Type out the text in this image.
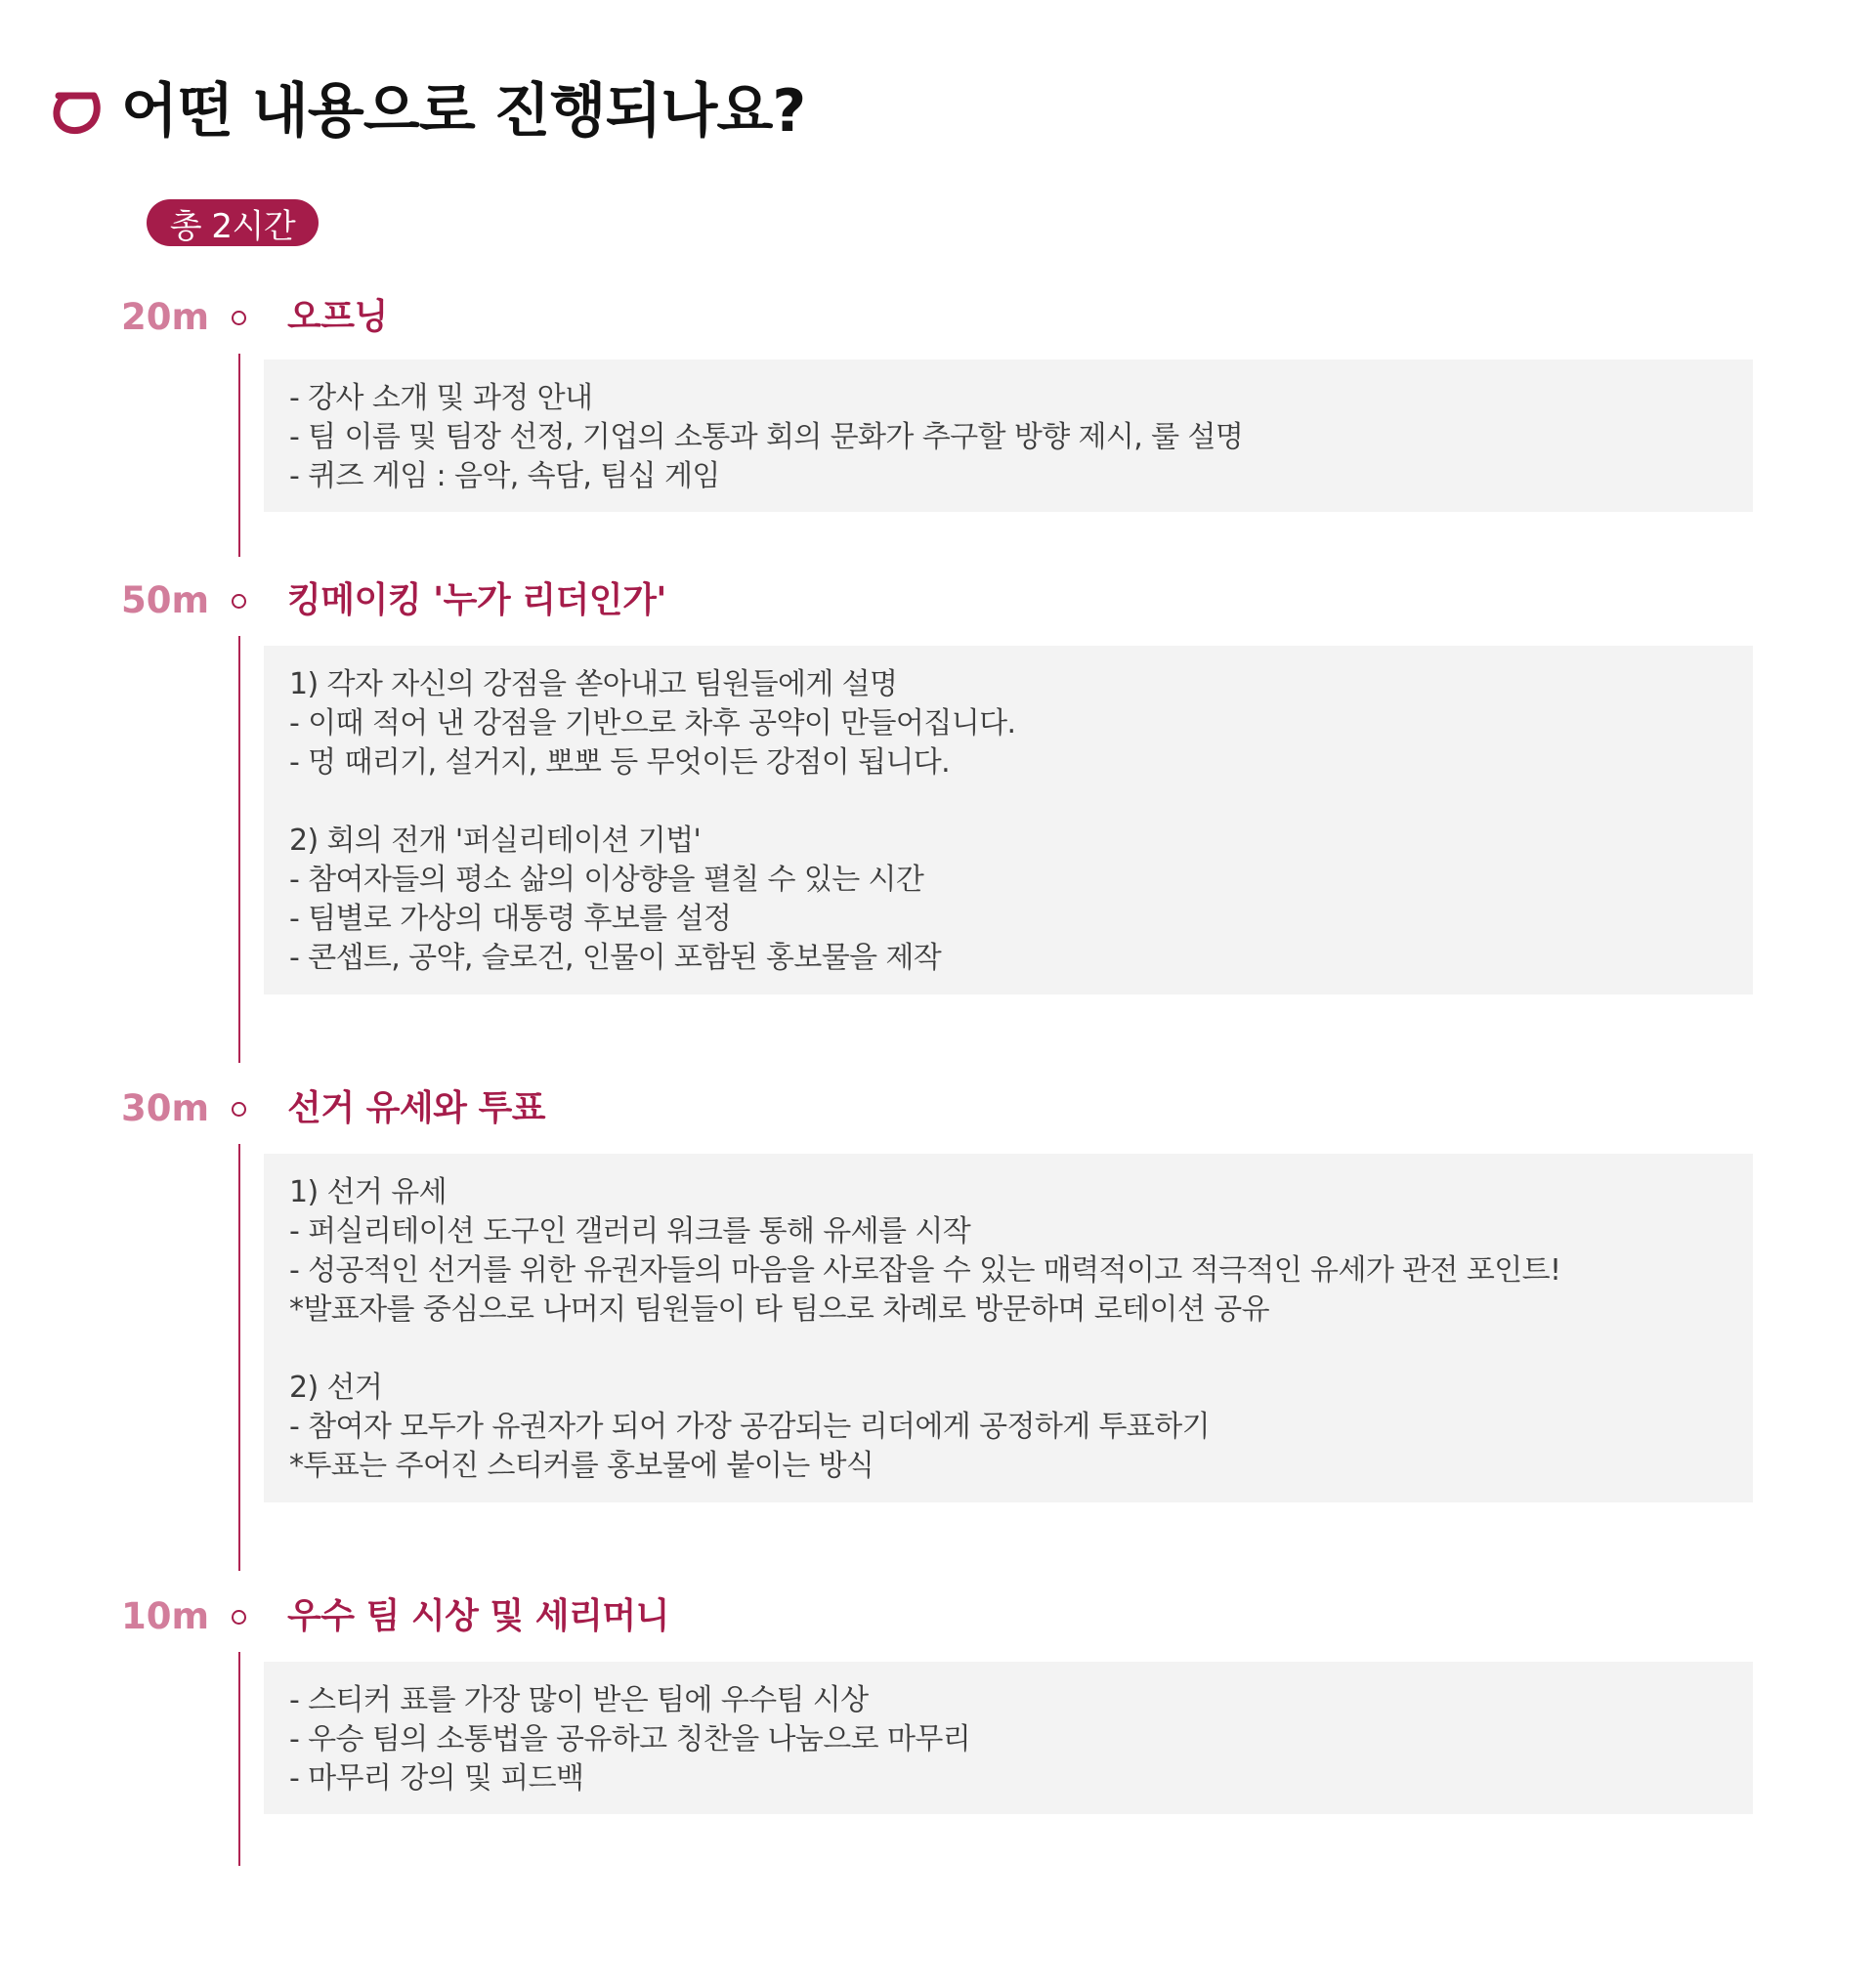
어떤 내용으로 진행되나요?
총 2시간
20m	오프닝
- 강사 소개 및 과정 안내
- 팀 이름 및 팀장 선정, 기업의 소통과 회의 문화가 추구할 방향 제시, 룰 설명
- 퀴즈 게임 : 음악, 속담, 팀십 게임
50m	킹메이킹 '누가 리더인가'
1) 각자 자신의 강점을 쏟아내고 팀원들에게 설명
- 이때 적어 낸 강점을 기반으로 차후 공약이 만들어집니다.
- 멍 때리기, 설거지, 뽀뽀 등 무엇이든 강점이 됩니다.
2) 회의 전개 '퍼실리테이션 기법'
- 참여자들의 평소 삶의 이상향을 펼칠 수 있는 시간
- 팀별로 가상의 대통령 후보를 설정
- 콘셉트, 공약, 슬로건, 인물이 포함된 홍보물을 제작
30m	선거 유세와 투표
1) 선거 유세
- 퍼실리테이션 도구인 갤러리 워크를 통해 유세를 시작
- 성공적인 선거를 위한 유권자들의 마음을 사로잡을 수 있는 매력적이고 적극적인 유세가 관전 포인트!
*발표자를 중심으로 나머지 팀원들이 타 팀으로 차례로 방문하며 로테이션 공유
2) 선거
- 참여자 모두가 유권자가 되어 가장 공감되는 리더에게 공정하게 투표하기
*투표는 주어진 스티커를 홍보물에 붙이는 방식
10m	우수 팀 시상 및 세리머니
- 스티커 표를 가장 많이 받은 팀에 우수팀 시상
- 우승 팀의 소통법을 공유하고 칭찬을 나눔으로 마무리
- 마무리 강의 및 피드백
